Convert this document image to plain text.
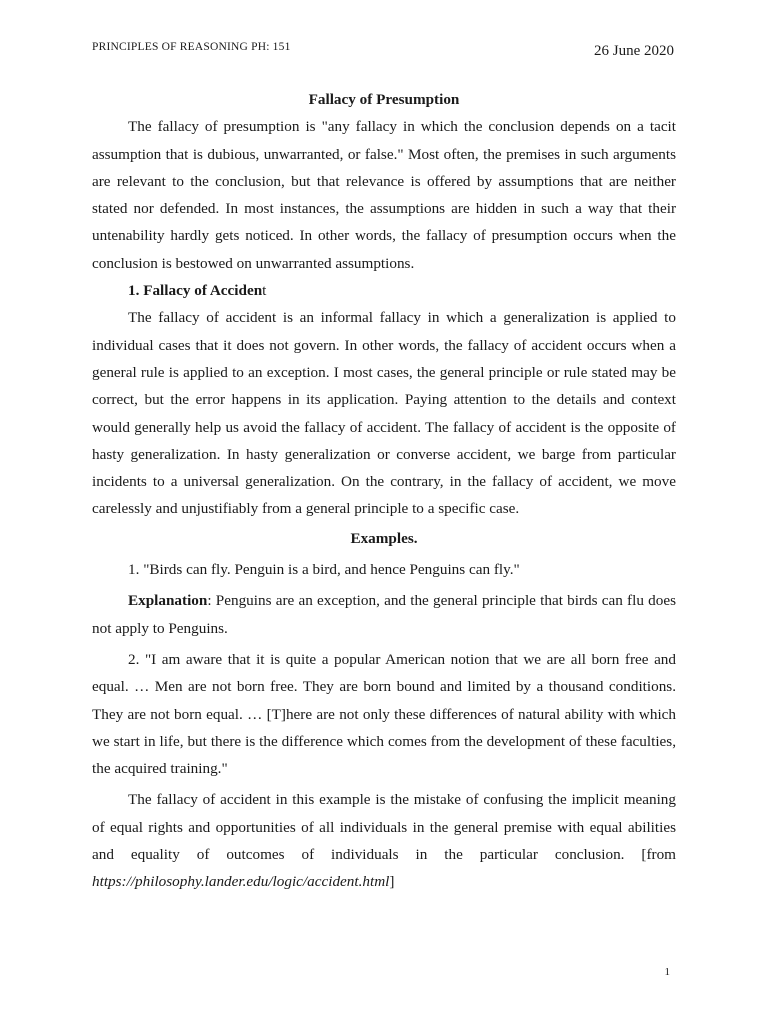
PRINCIPLES OF REASONING PH: 151	26 June 2020

Fallacy of Presumption

The fallacy of presumption is "any fallacy in which the conclusion depends on a tacit assumption that is dubious, unwarranted, or false." Most often, the premises in such arguments are relevant to the conclusion, but that relevance is offered by assumptions that are neither stated nor defended. In most instances, the assumptions are hidden in such a way that their untenability hardly gets noticed. In other words, the fallacy of presumption occurs when the conclusion is bestowed on unwarranted assumptions.

1. Fallacy of Accident

The fallacy of accident is an informal fallacy in which a generalization is applied to individual cases that it does not govern. In other words, the fallacy of accident occurs when a general rule is applied to an exception. I most cases, the general principle or rule stated may be correct, but the error happens in its application. Paying attention to the details and context would generally help us avoid the fallacy of accident. The fallacy of accident is the opposite of hasty generalization. In hasty generalization or converse accident, we barge from particular incidents to a universal generalization. On the contrary, in the fallacy of accident, we move carelessly and unjustifiably from a general principle to a specific case.

Examples.

1. "Birds can fly. Penguin is a bird, and hence Penguins can fly."

Explanation: Penguins are an exception, and the general principle that birds can flu does not apply to Penguins.

2. "I am aware that it is quite a popular American notion that we are all born free and equal. … Men are not born free. They are born bound and limited by a thousand conditions. They are not born equal. … [T]here are not only these differences of natural ability with which we start in life, but there is the difference which comes from the development of these faculties, the acquired training."

The fallacy of accident in this example is the mistake of confusing the implicit meaning of equal rights and opportunities of all individuals in the general premise with equal abilities and equality of outcomes of individuals in the particular conclusion. [from https://philosophy.lander.edu/logic/accident.html]

1
